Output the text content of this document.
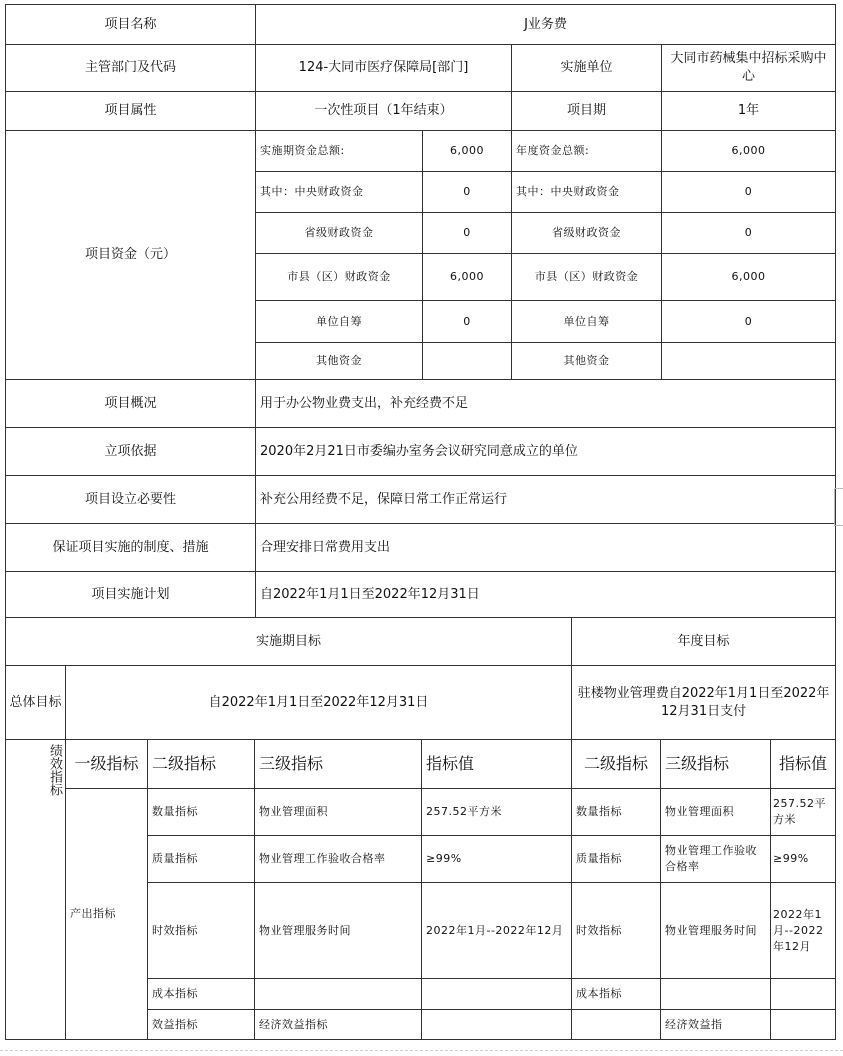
项目名称	J业务费			
主管部门及代码	124-大同市医疗保障局[部门]		实施单位	大同市药械集中招标采购中心
项目属性	一次性项目（1年结束）		项目期	1年
项目资金（元）	实施期资金总额:	6,000	年度资金总额:	6,000
	其中：中央财政资金	0	其中：中央财政资金	0
	省级财政资金	0	省级财政资金	0
	市县（区）财政资金	6,000	市县（区）财政资金	6,000
	单位自筹	0	单位自筹	0
	其他资金		其他资金	
项目概况	用于办公物业费支出，补充经费不足			
立项依据	2020年2月21日市委编办室务会议研究同意成立的单位			
项目设立必要性	补充公用经费不足，保障日常工作正常运行			
保证项目实施的制度、措施	合理安排日常费用支出			
项目实施计划	自2022年1月1日至2022年12月31日			
实施期目标					年度目标			
总体目标	自2022年1月1日至2022年12月31日				驻楼物业管理费自2022年1月1日至2022年12月31日支付			
绩效指标	一级指标	二级指标	三级指标	指标值	二级指标	三级指标	指标值	
	产出指标	数量指标	物业管理面积	257.52平方米	数量指标	物业管理面积	257.52平方米	
		质量指标	物业管理工作验收合格率	≥99%	质量指标	物业管理工作验收合格率	≥99%	
		时效指标	物业管理服务时间	2022年1月--2022年12月	时效指标	物业管理服务时间	2022年1月--2022年12月	
		成本指标			成本指标			
		效益指标	经济效益指标			经济效益指		
